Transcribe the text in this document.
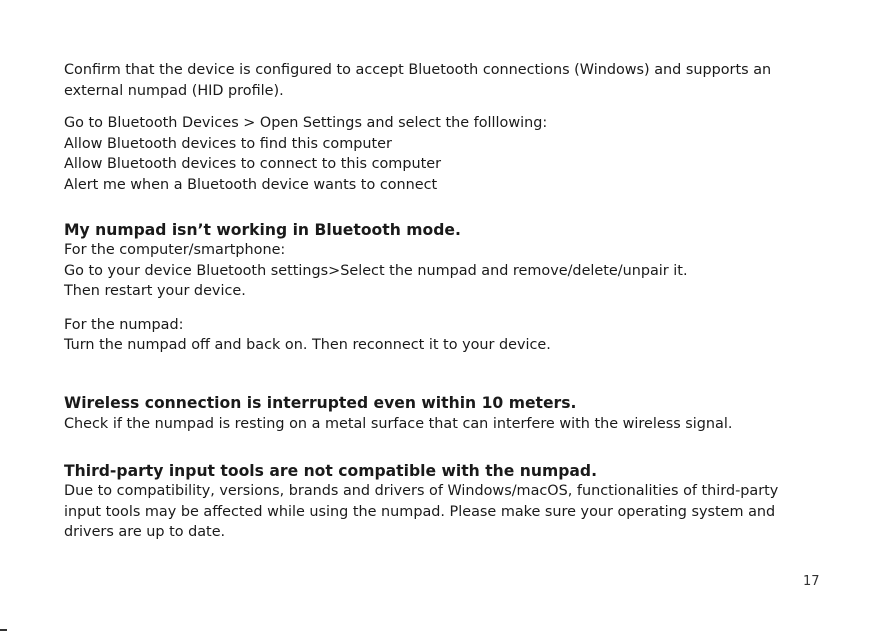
Confirm that the device is configured to accept Bluetooth connections (Windows) and supports an
external numpad (HID profile).

Go to Bluetooth Devices > Open Settings and select the folllowing:
Allow Bluetooth devices to find this computer
Allow Bluetooth devices to connect to this computer
Alert me when a Bluetooth device wants to connect

My numpad isn’t working in Bluetooth mode.

For the computer/smartphone:
Go to your device Bluetooth settings>Select the numpad and remove/delete/unpair it.
Then restart your device.

For the numpad:
Turn the numpad off and back on. Then reconnect it to your device.

Wireless connection is interrupted even within 10 meters.

Check if the numpad is resting on a metal surface that can interfere with the wireless signal.

Third-party input tools are not compatible with the numpad.

Due to compatibility, versions, brands and drivers of Windows/macOS, functionalities of third-party
input tools may be affected while using the numpad. Please make sure your operating system and
drivers are up to date.

17
